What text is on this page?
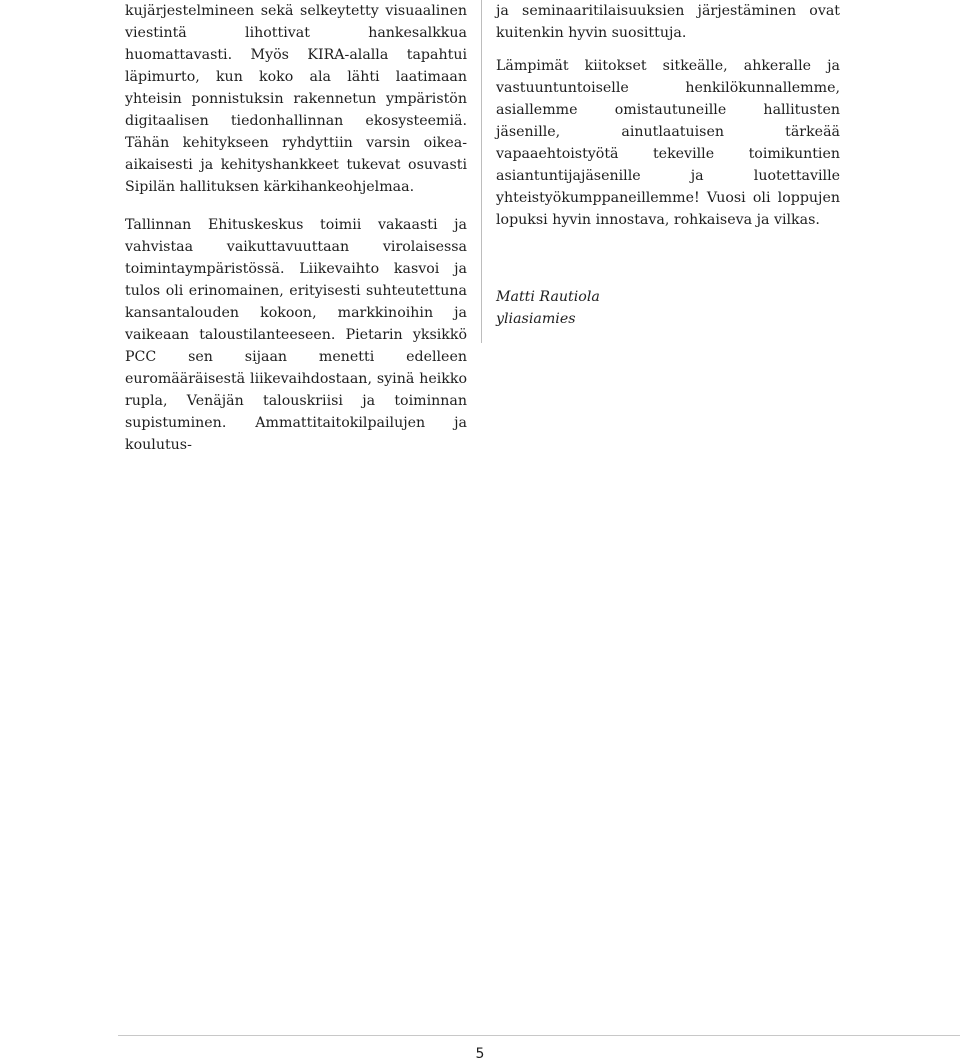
kujärjestelmineen sekä selkeytetty visuaalinen viestintä lihottivat hankesalkkua huomattavasti. Myös KIRA-alalla tapahtui läpimurto, kun koko ala lähti laatimaan yhteisin ponnistuksin rakennetun ympäristön digitaalisen tiedonhallinnan ekosysteemiä. Tähän kehitykseen ryhdyttiin varsin oikea-aikaisesti ja kehityshankkeet tukevat osuvasti Sipilän hallituksen kärkihankeohjelmaa.

Tallinnan Ehituskeskus toimii vakaasti ja vahvistaa vaikuttavuuttaan virolaisessa toimintaympäristössä. Liikevaihto kasvoi ja tulos oli erinomainen, erityisesti suhteutettuna kansantalouden kokoon, markkinoihin ja vaikeaan taloustilanteeseen. Pietarin yksikkö PCC sen sijaan menetti edelleen euromääräisestä liikevaihdostaan, syinä heikko rupla, Venäjän talouskriisi ja toiminnan supistuminen. Ammattitaitokilpailujen ja koulutus-

ja seminaaritilaisuuksien järjestäminen ovat kuitenkin hyvin suosittuja.

Lämpimät kiitokset sitkeälle, ahkeralle ja vastuuntuntoiselle henkilökunnallemme, asiallemme omistautuneille hallitusten jäsenille, ainutlaatuisen tärkeää vapaaehtoistyötä tekeville toimikuntien asiantuntijajäsenille ja luotettaville yhteistyökumppaneillemme! Vuosi oli loppujen lopuksi hyvin innostava, rohkaiseva ja vilkas.

Matti Rautiola
yliasiamies
5
